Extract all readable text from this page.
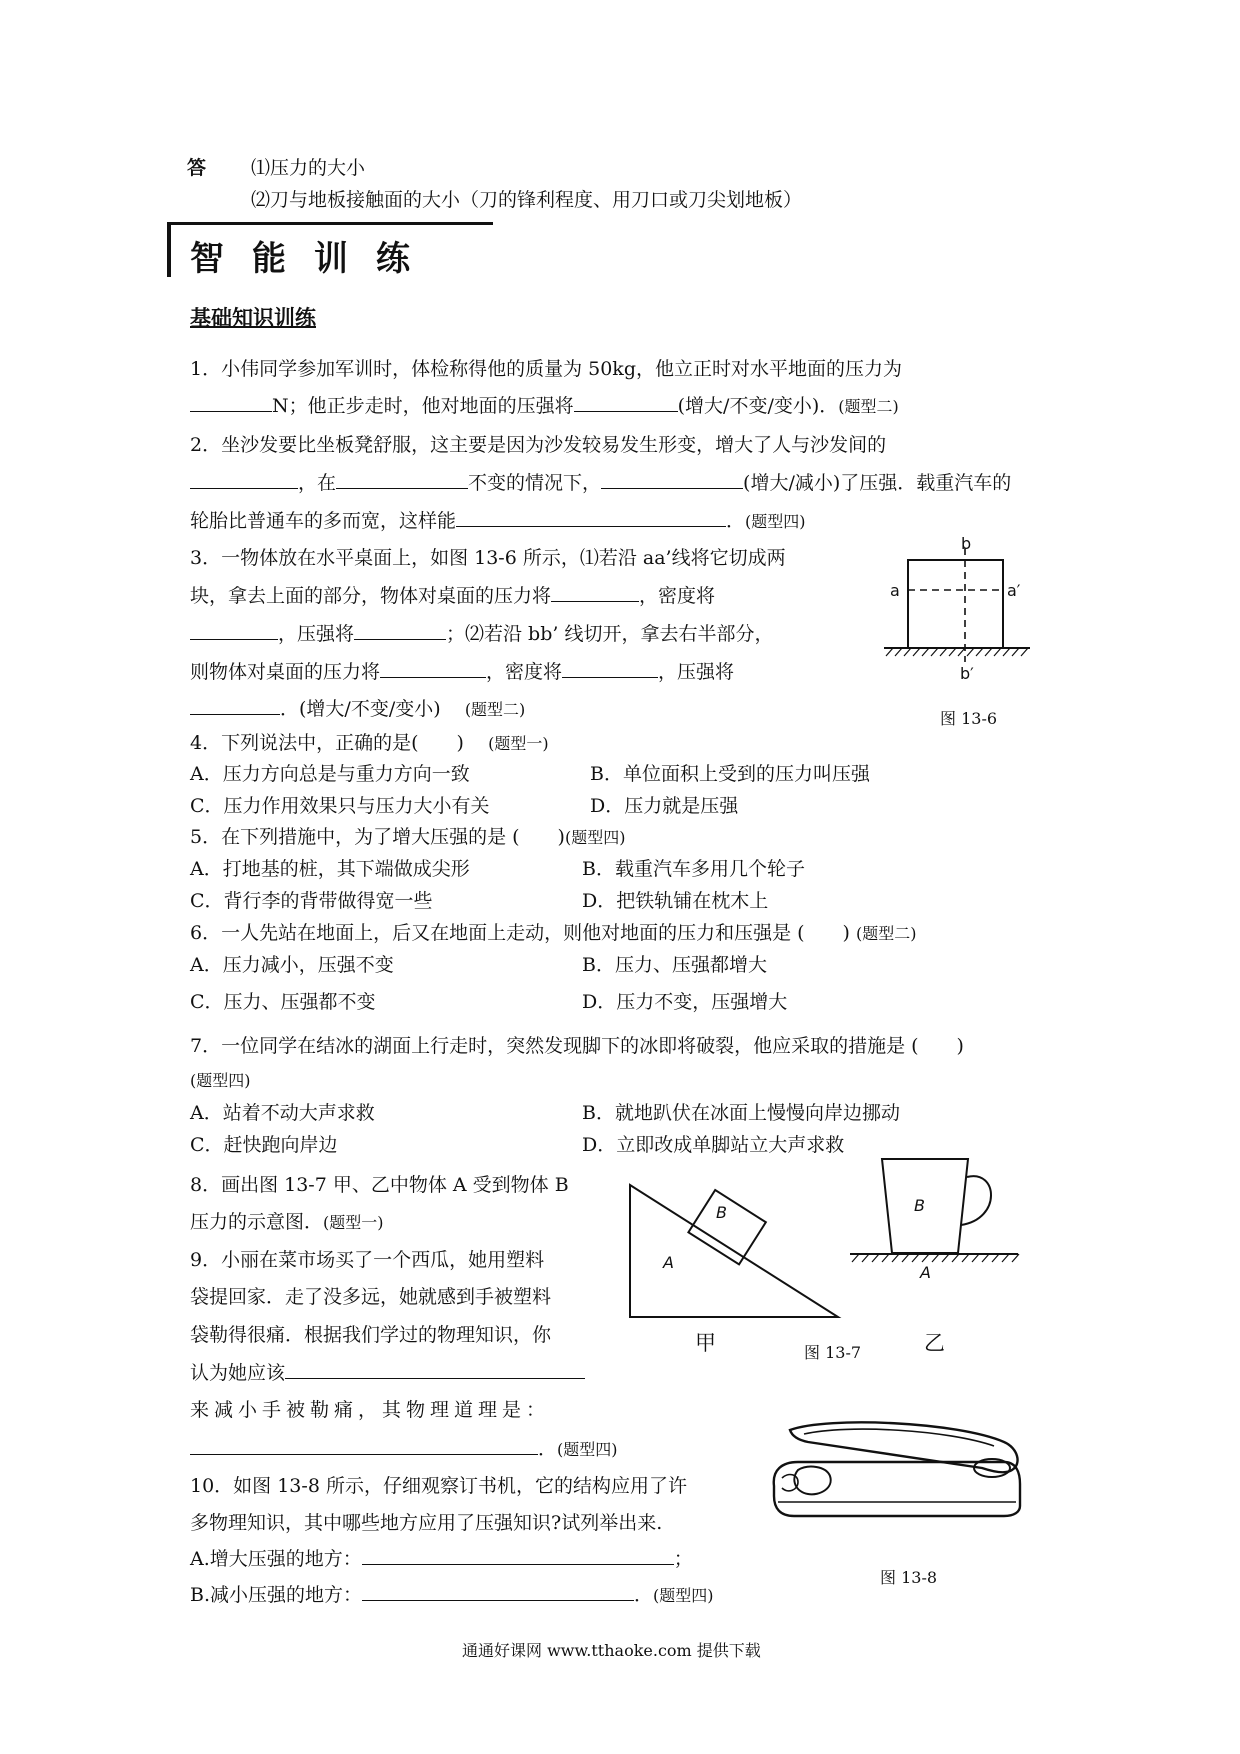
答 ⑴压力的大小
⑵刀与地板接触面的大小（刀的锋利程度、用刀口或刀尖划地板）
智能训练
基础知识训练
1．小伟同学参加军训时，体检称得他的质量为 50kg，他立正时对水平地面的压力为
N；他正步走时，他对地面的压强将	(增大/不变/变小)．(题型二)
2．坐沙发要比坐板凳舒服，这主要是因为沙发较易发生形变，增大了人与沙发间的
，在	不变的情况下，	(增大/减小)了压强．载重汽车的
轮胎比普通车的多而宽，这样能	．(题型四)
3．一物体放在水平桌面上，如图 13-6 所示，⑴若沿 aa’线将它切成两
块，拿去上面的部分，物体对桌面的压力将	，密度将
，压强将	；⑵若沿 bb’ 线切开，拿去右半部分，
则物体对桌面的压力将	，密度将	，压强将
．(增大/不变/变小) (题型二)
b
a	a′
b′
图 13-6
4．下列说法中，正确的是(　　) (题型一)
A．压力方向总是与重力方向一致	B．单位面积上受到的压力叫压强
C．压力作用效果只与压力大小有关	D．压力就是压强
5．在下列措施中，为了增大压强的是 (　　)(题型四)
A．打地基的桩，其下端做成尖形	B．载重汽车多用几个轮子
C．背行李的背带做得宽一些	D．把铁轨铺在枕木上
6．一人先站在地面上，后又在地面上走动，则他对地面的压力和压强是 (　　) (题型二)
A．压力减小，压强不变	B．压力、压强都增大
C．压力、压强都不变	D．压力不变，压强增大
7．一位同学在结冰的湖面上行走时，突然发现脚下的冰即将破裂，他应采取的措施是 (　　)
(题型四)
A．站着不动大声求救	B．就地趴伏在冰面上慢慢向岸边挪动
C．赶快跑向岸边	D．立即改成单脚站立大声求救
8．画出图 13-7 甲、乙中物体 A 受到物体 B
压力的示意图．(题型一)
9．小丽在菜市场买了一个西瓜，她用塑料
袋提回家．走了没多远，她就感到手被塑料
袋勒得很痛．根据我们学过的物理知识，你
认为她应该
来减小手被勒痛，其物理道理是：
．(题型四)
B
A
B
A
甲	乙
图 13-7
10．如图 13-8 所示，仔细观察订书机，它的结构应用了许
多物理知识，其中哪些地方应用了压强知识?试列举出来.
A.增大压强的地方：	；
B.减小压强的地方：	．(题型四)
图 13-8
通通好课网 www.tthaoke.com 提供下载
